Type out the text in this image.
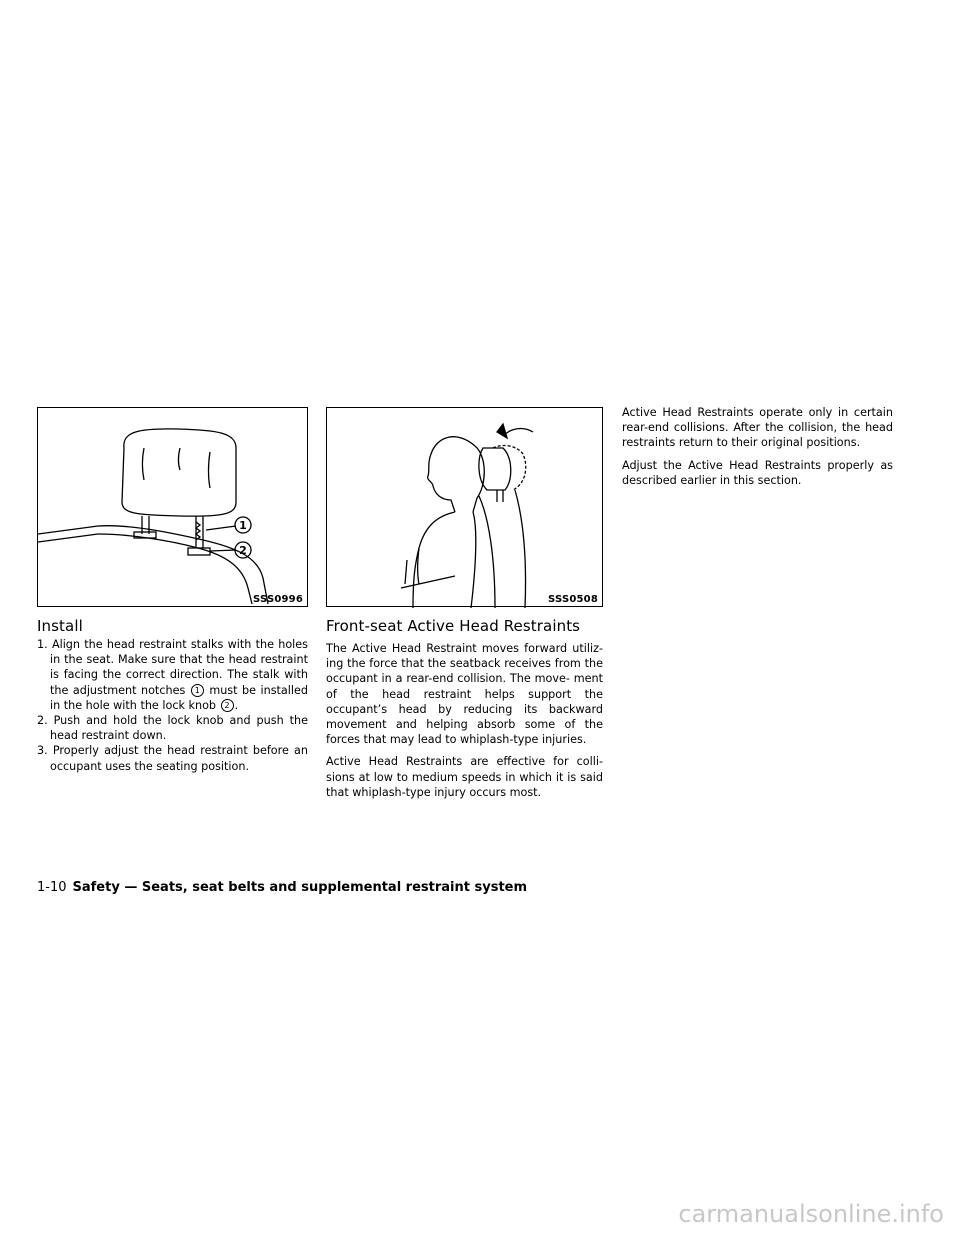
1
2
SSS0996	SSS0508
Install
1. Align the head restraint stalks with the holes in the seat. Make sure that the head restraint is facing the correct direction. The stalk with the adjustment notches 1 must be installed in the hole with the lock knob 2 .
2. Push and hold the lock knob and push the head restraint down.
3. Properly adjust the head restraint before an occupant uses the seating position.
Front-seat Active Head Restraints

The Active Head Restraint moves forward utiliz- ing the force that the seatback receives from the occupant in a rear-end collision. The move- ment of the head restraint helps support the occupant’s head by reducing its backward movement and helping absorb some of the forces that may lead to whiplash-type injuries.

Active Head Restraints are effective for colli- sions at low to medium speeds in which it is said that whiplash-type injury occurs most.

Active Head Restraints operate only in certain rear-end collisions. After the collision, the head restraints return to their original positions.

Adjust the Active Head Restraints properly as described earlier in this section.

1-10 Safety — Seats, seat belts and supplemental restraint system
carmanualsonline.info
